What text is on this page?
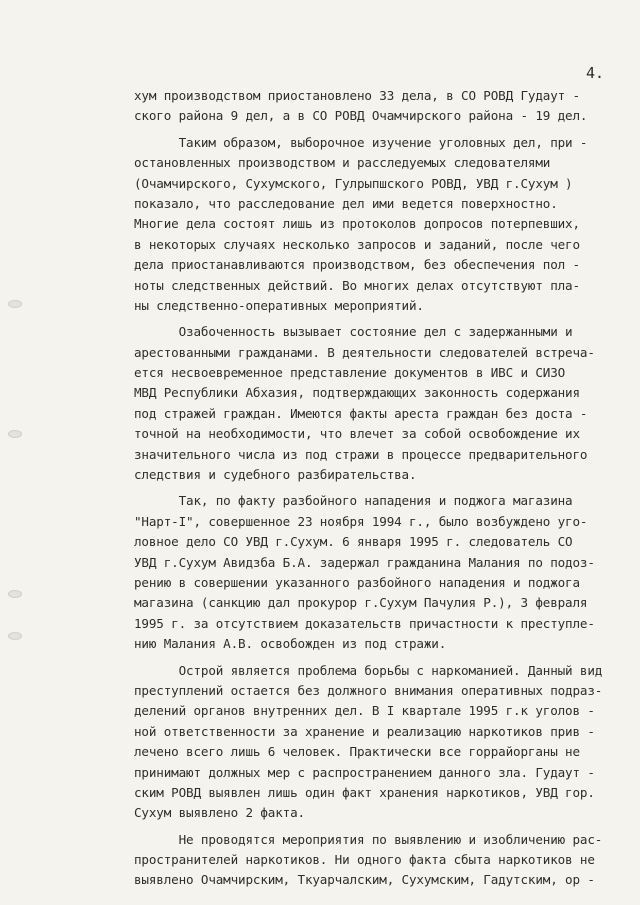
4.
хум производством приостановлено 33 дела, в СО РОВД Гудаут -
ского района 9 дел, а в СО РОВД Очамчирского района - 19 дел.
Таким образом, выборочное изучение уголовных дел, при -
остановленных производством и расследуемых следователями
(Очамчирского, Сухумского, Гулрыпшского РОВД, УВД г.Сухум )
показало, что расследование дел ими ведется поверхностно.
Многие дела состоят лишь из протоколов допросов потерпевших,
в некоторых случаях несколько запросов и заданий, после чего
дела приостанавливаются производством, без обеспечения пол -
ноты следственных действий. Во многих делах отсутствуют пла-
ны следственно-оперативных мероприятий.
Озабоченность вызывает состояние дел с задержанными и
арестованными гражданами. В деятельности следователей встреча-
ется несвоевременное представление документов в ИВС и СИЗО
МВД Республики Абхазия, подтверждающих законность содержания
под стражей граждан. Имеются факты ареста граждан без доста -
точной на необходимости, что влечет за собой освобождение их
значительного числа из под стражи в процессе предварительного
следствия и судебного разбирательства.
Так, по факту разбойного нападения и поджога магазина
"Нарт-I", совершенное 23 ноября 1994 г., было возбуждено уго-
ловное дело СО УВД г.Сухум. 6 января 1995 г. следователь СО
УВД г.Сухум Авидзба Б.А. задержал гражданина Малания по подоз-
рению в совершении указанного разбойного нападения и поджога
магазина (санкцию дал прокурор г.Сухум Пачулия Р.), 3 февраля
1995 г. за отсутствием доказательств причастности к преступле-
нию Малания А.В. освобожден из под стражи.
Острой является проблема борьбы с наркоманией. Данный вид
преступлений остается без должного внимания оперативных подраз-
делений органов внутренних дел. В I квартале 1995 г.к уголов -
ной ответственности за хранение и реализацию наркотиков прив -
лечено всего лишь 6 человек. Практически все горрайорганы не
принимают должных мер с распространением данного зла. Гудаут -
ским РОВД выявлен лишь один факт хранения наркотиков, УВД гор.
Сухум выявлено 2 факта.
Не проводятся мероприятия по выявлению и изобличению рас-
пространителей наркотиков. Ни одного факта сбыта наркотиков не
выявлено Очамчирским, Ткуарчалским, Сухумским, Гадутским, ор -
